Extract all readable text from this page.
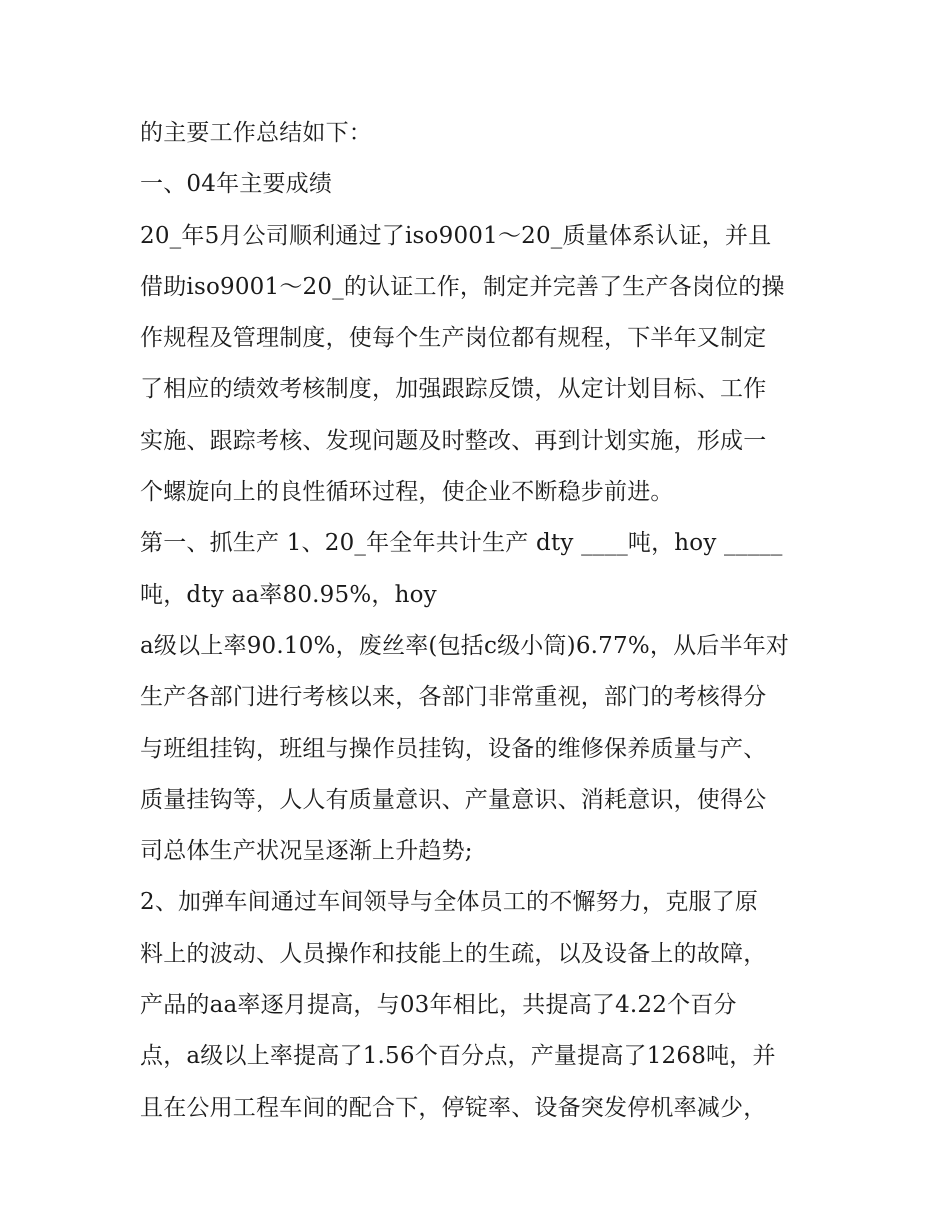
的主要工作总结如下：
一、04年主要成绩
20_年5月公司顺利通过了iso9001～20_质量体系认证，并且
借助iso9001～20_的认证工作，制定并完善了生产各岗位的操
作规程及管理制度，使每个生产岗位都有规程，下半年又制定
了相应的绩效考核制度，加强跟踪反馈，从定计划目标、工作
实施、跟踪考核、发现问题及时整改、再到计划实施，形成一
个螺旋向上的良性循环过程，使企业不断稳步前进。
第一、抓生产 1、20_年全年共计生产 dty ____吨，hoy _____
吨，dty aa率80.95%，hoy
a级以上率90.10%，废丝率(包括c级小筒)6.77%，从后半年对
生产各部门进行考核以来，各部门非常重视，部门的考核得分
与班组挂钩，班组与操作员挂钩，设备的维修保养质量与产、
质量挂钩等，人人有质量意识、产量意识、消耗意识，使得公
司总体生产状况呈逐渐上升趋势;
2、加弹车间通过车间领导与全体员工的不懈努力，克服了原
料上的波动、人员操作和技能上的生疏，以及设备上的故障，
产品的aa率逐月提高，与03年相比，共提高了4.22个百分
点，a级以上率提高了1.56个百分点，产量提高了1268吨，并
且在公用工程车间的配合下，停锭率、设备突发停机率减少，
